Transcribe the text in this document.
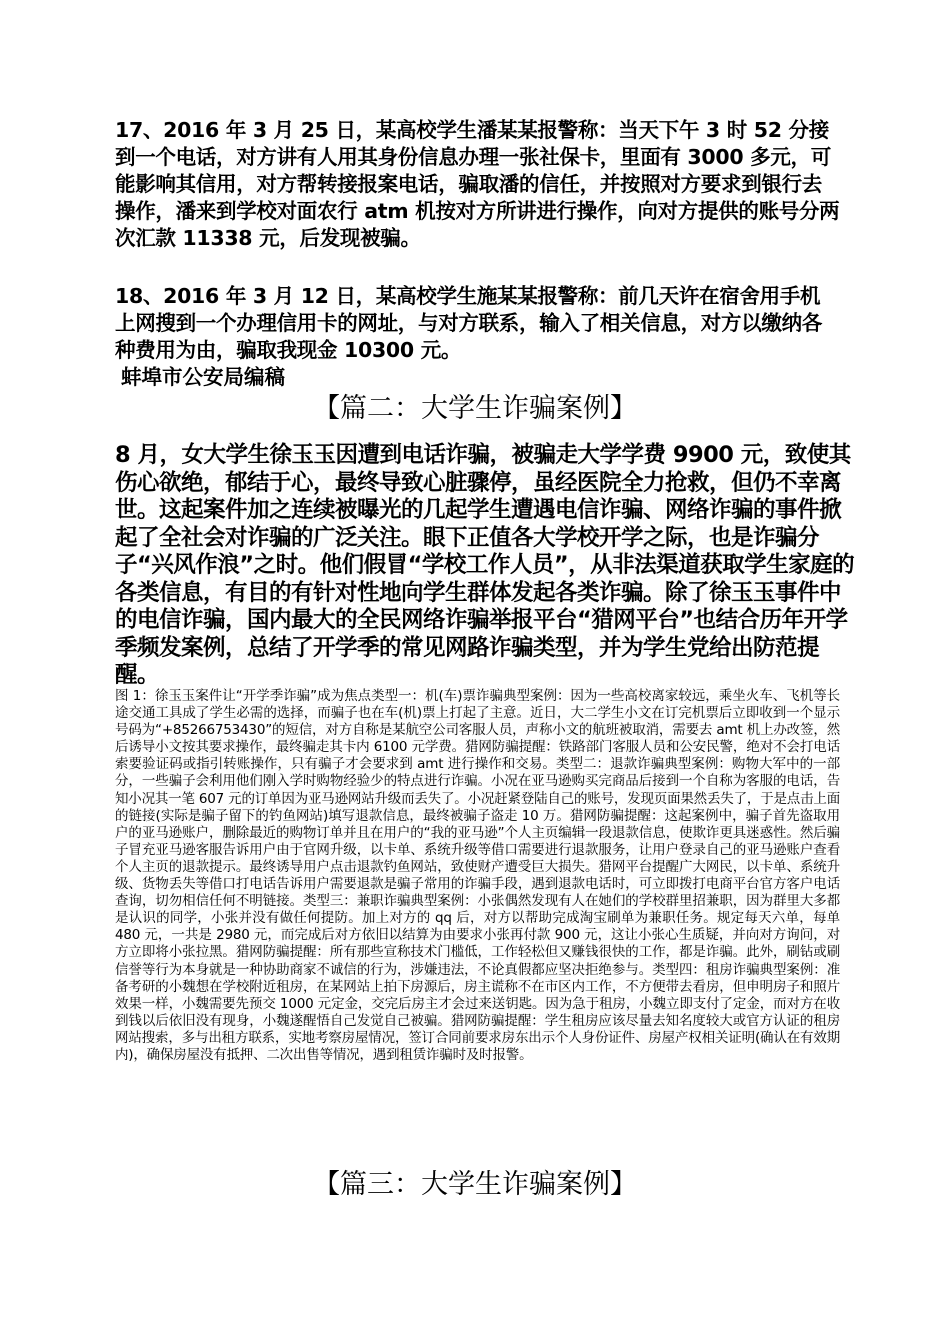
17、2016 年 3 月 25 日，某高校学生潘某某报警称：当天下午 3 时 52 分接到一个电话，对方讲有人用其身份信息办理一张社保卡，里面有 3000 多元，可能影响其信用，对方帮转接报案电话，骗取潘的信任，并按照对方要求到银行去操作，潘来到学校对面农行 atm 机按对方所讲进行操作，向对方提供的账号分两次汇款 11338 元，后发现被骗。
18、2016 年 3 月 12 日，某高校学生施某某报警称：前几天许在宿舍用手机上网搜到一个办理信用卡的网址，与对方联系，输入了相关信息，对方以缴纳各种费用为由，骗取我现金 10300 元。
蚌埠市公安局编稿
【篇二：大学生诈骗案例】
8 月，女大学生徐玉玉因遭到电话诈骗，被骗走大学学费 9900 元，致使其伤心欲绝，郁结于心，最终导致心脏骤停，虽经医院全力抢救，但仍不幸离世。这起案件加之连续被曝光的几起学生遭遇电信诈骗、网络诈骗的事件掀起了全社会对诈骗的广泛关注。眼下正值各大学校开学之际，也是诈骗分子“兴风作浪”之时。他们假冒“学校工作人员”，从非法渠道获取学生家庭的各类信息，有目的有针对性地向学生群体发起各类诈骗。除了徐玉玉事件中的电信诈骗，国内最大的全民网络诈骗举报平台“猎网平台”也结合历年开学季频发案例，总结了开学季的常见网路诈骗类型，并为学生党给出防范提醒。
图 1：徐玉玉案件让“开学季诈骗”成为焦点类型一：机(车)票诈骗典型案例：因为一些高校离家较远，乘坐火车、飞机等长途交通工具成了学生必需的选择，而骗子也在车(机)票上打起了主意。近日，大二学生小文在订完机票后立即收到一个显示号码为“+85266753430”的短信，对方自称是某航空公司客服人员，声称小文的航班被取消，需要去 amt 机上办改签，然后诱导小文按其要求操作，最终骗走其卡内 6100 元学费。猎网防骗提醒：铁路部门客服人员和公安民警，绝对不会打电话索要验证码或指引转账操作，只有骗子才会要求到 amt 进行操作和交易。类型二：退款诈骗典型案例：购物大军中的一部分，一些骗子会利用他们刚入学时购物经验少的特点进行诈骗。小况在亚马逊购买完商品后接到一个自称为客服的电话，告知小况其一笔 607 元的订单因为亚马逊网站升级而丢失了。小况赶紧登陆自己的账号，发现页面果然丢失了，于是点击上面的链接(实际是骗子留下的钓鱼网站)填写退款信息，最终被骗子盗走 10 万。猎网防骗提醒：这起案例中，骗子首先盗取用户的亚马逊账户，删除最近的购物订单并且在用户的“我的亚马逊”个人主页编辑一段退款信息，使欺诈更具迷惑性。然后骗子冒充亚马逊客服告诉用户由于官网升级，以卡单、系统升级等借口需要进行退款服务，让用户登录自己的亚马逊账户查看个人主页的退款提示。最终诱导用户点击退款钓鱼网站，致使财产遭受巨大损失。猎网平台提醒广大网民，以卡单、系统升级、货物丢失等借口打电话告诉用户需要退款是骗子常用的诈骗手段，遇到退款电话时，可立即拨打电商平台官方客户电话查询，切勿相信任何不明链接。类型三：兼职诈骗典型案例：小张偶然发现有人在她们的学校群里招兼职，因为群里大多都是认识的同学，小张并没有做任何提防。加上对方的 qq 后，对方以帮助完成淘宝刷单为兼职任务。规定每天六单，每单 480 元，一共是 2980 元，而完成后对方依旧以结算为由要求小张再付款 900 元，这让小张心生质疑，并向对方询问，对方立即将小张拉黑。猎网防骗提醒：所有那些宣称技术门槛低，工作轻松但又赚钱很快的工作，都是诈骗。此外，刷钻或刷信誉等行为本身就是一种协助商家不诚信的行为，涉嫌违法，不论真假都应坚决拒绝参与。类型四：租房诈骗典型案例：准备考研的小魏想在学校附近租房，在某网站上拍下房源后，房主谎称不在市区内工作，不方便带去看房，但申明房子和照片效果一样，小魏需要先预交 1000 元定金，交完后房主才会过来送钥匙。因为急于租房，小魏立即支付了定金，而对方在收到钱以后依旧没有现身，小魏遂醒悟自己发觉自己被骗。猎网防骗提醒：学生租房应该尽量去知名度较大或官方认证的租房网站搜索，多与出租方联系，实地考察房屋情况，签订合同前要求房东出示个人身份证件、房屋产权相关证明(确认在有效期内)，确保房屋没有抵押、二次出售等情况，遇到租赁诈骗时及时报警。
【篇三：大学生诈骗案例】
